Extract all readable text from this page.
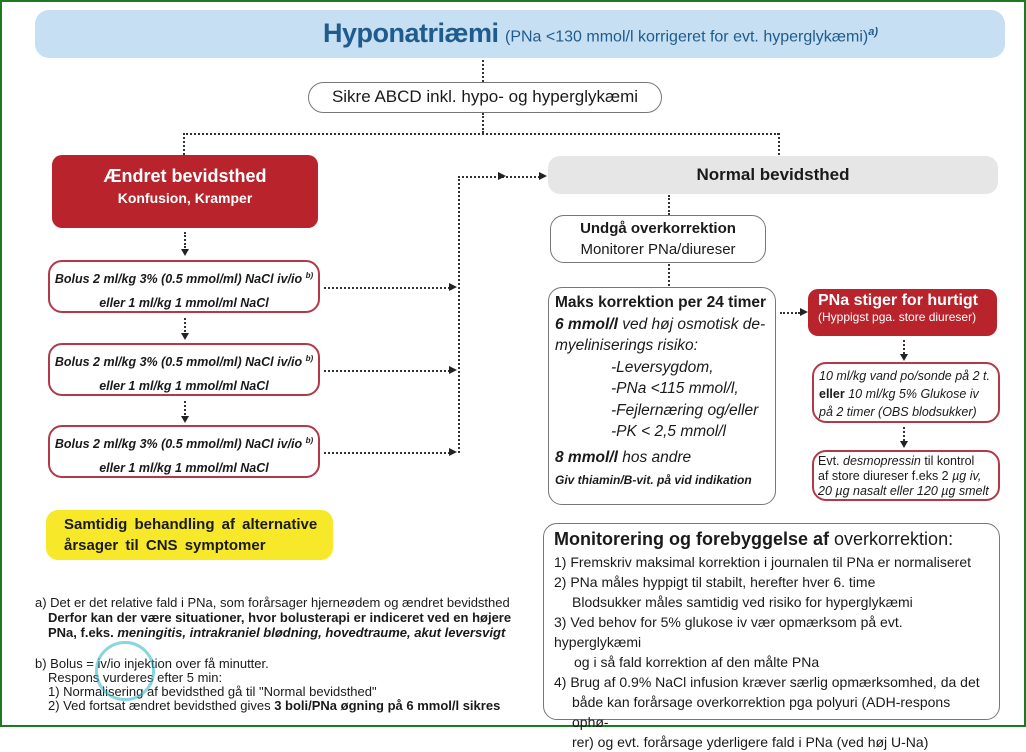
Hyponatriæmi (PNa <130 mmol/l korrigeret for evt. hyperglykæmi)$^{a)}$
Sikre ABCD inkl. hypo- og hyperglykæmi
Ændret bevidsthed
Konfusion, Kramper
Bolus 2 ml/kg 3% (0.5 mmol/ml) NaCl iv/io $^{b)}$
eller 1 ml/kg 1 mmol/ml NaCl
Bolus 2 ml/kg 3% (0.5 mmol/ml) NaCl iv/io $^{b)}$
eller 1 ml/kg 1 mmol/ml NaCl
Bolus 2 ml/kg 3% (0.5 mmol/ml) NaCl iv/io $^{b)}$
eller 1 ml/kg 1 mmol/ml NaCl
Samtidig behandling af alternative årsager til CNS symptomer
Normal bevidsthed
Undgå overkorrektion
Monitorer PNa/diureser
Maks korrektion per 24 timer
6 mmol/l ved høj osmotisk de-
myeliniserings risiko:
-Leversygdom,
-PNa <115 mmol/l,
-Fejlernæring og/eller
-PK < 2,5 mmol/l
8 mmol/l hos andre
Giv thiamin/B-vit. på vid indikation
PNa stiger for hurtigt
(Hyppigst pga. store diureser)
10 ml/kg vand po/sonde på 2 t.
eller 10 ml/kg 5% Glukose iv
på 2 timer (OBS blodsukker)
Evt. desmopressin til kontrol
af store diureser f.eks 2 µg iv,
20 µg nasalt eller 120 µg smelt
Monitorering og forebyggelse af overkorrektion:
1) Fremskriv maksimal korrektion i journalen til PNa er normaliseret
2) PNa måles hyppigt til stabilt, herefter hver 6. time
Blodsukker måles samtidig ved risiko for hyperglykæmi
3) Ved behov for 5% glukose iv vær opmærksom på evt. hyperglykæmi
og i så fald korrektion af den målte PNa
4) Brug af 0.9% NaCl infusion kræver særlig opmærksomhed, da det
både kan forårsage overkorrektion pga polyuri (ADH-respons ophø-
rer) og evt. forårsage yderligere fald i PNa (ved høj U-Na)
a) Det er det relative fald i PNa, som forårsager hjerneødem og ændret bevidsthed
Derfor kan der være situationer, hvor bolusterapi er indiceret ved en højere
PNa, f.eks. meningitis, intrakraniel blødning, hovedtraume, akut leversvigt
b) Bolus = iv/io injektion over få minutter.
Respons vurderes efter 5 min:
1) Normalisering af bevidsthed gå til "Normal bevidsthed"
2) Ved fortsat ændret bevidsthed gives 3 boli/PNa øgning på 6 mmol/l sikres
